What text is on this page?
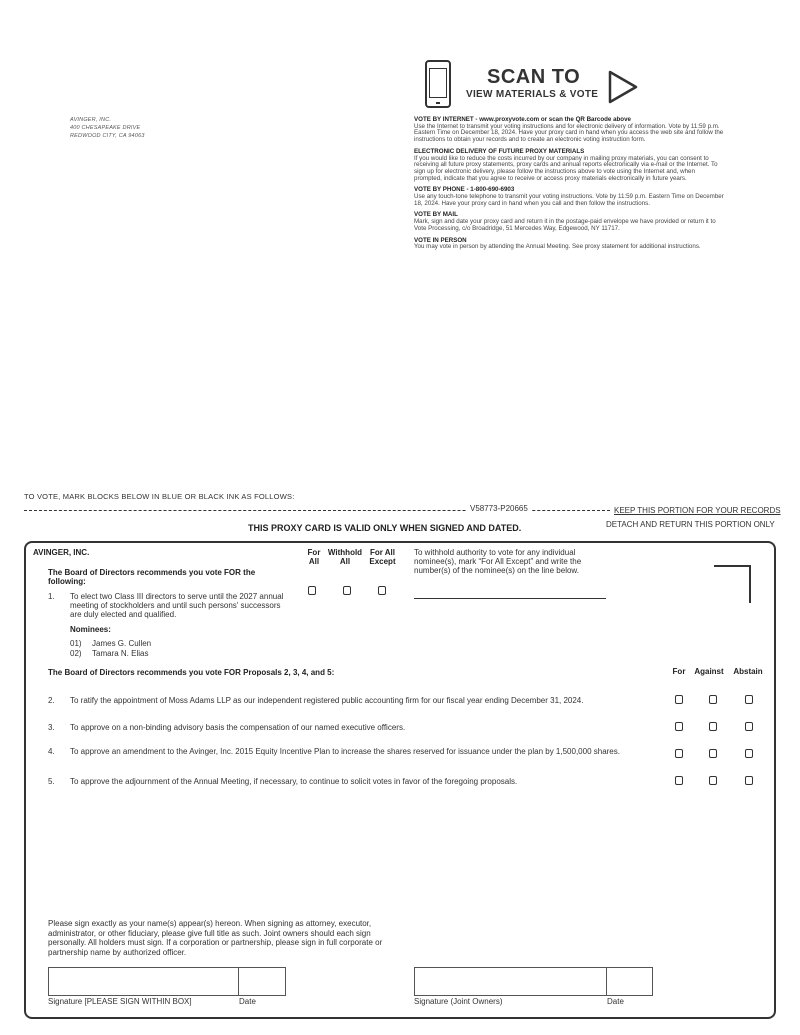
AVINGER, INC.
400 CHESAPEAKE DRIVE
REDWOOD CITY, CA 94063
SCAN TO
VIEW MATERIALS & VOTE
VOTE BY INTERNET - www.proxyvote.com or scan the QR Barcode above
Use the Internet to transmit your voting instructions and for electronic delivery of information. Vote by 11:59 p.m. Eastern Time on December 18, 2024. Have your proxy card in hand when you access the web site and follow the instructions to obtain your records and to create an electronic voting instruction form.
ELECTRONIC DELIVERY OF FUTURE PROXY MATERIALS
If you would like to reduce the costs incurred by our company in mailing proxy materials, you can consent to receiving all future proxy statements, proxy cards and annual reports electronically via e-mail or the Internet. To sign up for electronic delivery, please follow the instructions above to vote using the Internet and, when prompted, indicate that you agree to receive or access proxy materials electronically in future years.
VOTE BY PHONE - 1-800-690-6903
Use any touch-tone telephone to transmit your voting instructions. Vote by 11:59 p.m. Eastern Time on December 18, 2024. Have your proxy card in hand when you call and then follow the instructions.
VOTE BY MAIL
Mark, sign and date your proxy card and return it in the postage-paid envelope we have provided or return it to Vote Processing, c/o Broadridge, 51 Mercedes Way, Edgewood, NY 11717.
VOTE IN PERSON
You may vote in person by attending the Annual Meeting. See proxy statement for additional instructions.
TO VOTE, MARK BLOCKS BELOW IN BLUE OR BLACK INK AS FOLLOWS:
V58773-P20665	KEEP THIS PORTION FOR YOUR RECORDS
DETACH AND RETURN THIS PORTION ONLY
THIS PROXY CARD IS VALID ONLY WHEN SIGNED AND DATED.
AVINGER, INC.
The Board of Directors recommends you vote FOR the following:
For
All
Withhold
All
For All
Except
To withhold authority to vote for any individual nominee(s), mark “For All Except” and write the number(s) of the nominee(s) on the line below.
1. To elect two Class III directors to serve until the 2027 annual meeting of stockholders and until such persons' successors are duly elected and qualified.
Nominees:
01) James G. Cullen
02) Tamara N. Elias
The Board of Directors recommends you vote FOR Proposals 2, 3, 4, and 5:	For Against	Abstain
2. To ratify the appointment of Moss Adams LLP as our independent registered public accounting firm for our fiscal year ending December 31, 2024.
3. To approve on a non-binding advisory basis the compensation of our named executive officers.
4. To approve an amendment to the Avinger, Inc. 2015 Equity Incentive Plan to increase the shares reserved for issuance under the plan by 1,500,000 shares.
5. To approve the adjournment of the Annual Meeting, if necessary, to continue to solicit votes in favor of the foregoing proposals.
Please sign exactly as your name(s) appear(s) hereon. When signing as attorney, executor, administrator, or other fiduciary, please give full title as such. Joint owners should each sign personally. All holders must sign. If a corporation or partnership, please sign in full corporate or partnership name by authorized officer.
Signature [PLEASE SIGN WITHIN BOX]	Date	Signature (Joint Owners)	Date
